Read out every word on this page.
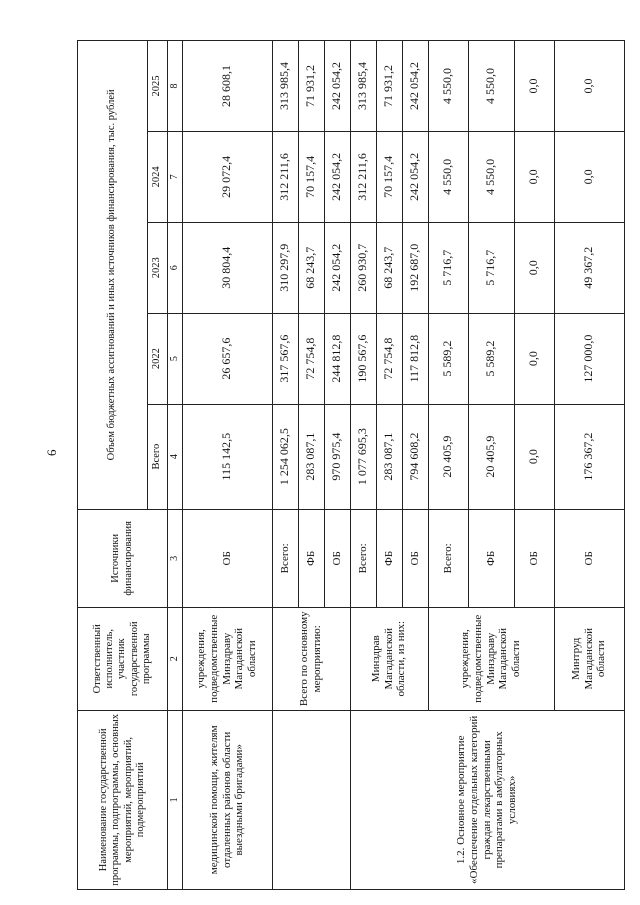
6
Наименование государственной программы, подпрограммы, основных мероприятий, мероприятий, подмероприятий	Ответственный исполнитель, участник государственной программы	Источники финансирования	Объем бюджетных ассигнований и иных источников финансирования, тыс. рублей				
			Всего	2022	2023	2024	2025
1	2	3	4	5	6	7	8
медицинской помощи, жителям отдаленных районов области выездными бригадами»	учреждения, подведомственные Минздраву Магаданской области	ОБ	115 142,5	26 657,6	30 804,4	29 072,4	28 608,1
	Всего по основному мероприятию:	Всего:	1 254 062,5	317 567,6	310 297,9	312 211,6	313 985,4
		ФБ	283 087,1	72 754,8	68 243,7	70 157,4	71 931,2
		ОБ	970 975,4	244 812,8	242 054,2	242 054,2	242 054,2
1.2. Основное мероприятие «Обеспечение отдельных категорий граждан лекарственными препаратами в амбулаторных условиях»	Минздрав Магаданской области, из них:	Всего:	1 077 695,3	190 567,6	260 930,7	312 211,6	313 985,4
		ФБ	283 087,1	72 754,8	68 243,7	70 157,4	71 931,2
		ОБ	794 608,2	117 812,8	192 687,0	242 054,2	242 054,2
	учреждения, подведомственные Минздраву Магаданской области	Всего:	20 405,9	5 589,2	5 716,7	4 550,0	4 550,0
		ФБ	20 405,9	5 589,2	5 716,7	4 550,0	4 550,0
		ОБ	0,0	0,0	0,0	0,0	0,0
	Минтруд Магаданской области	ОБ	176 367,2	127 000,0	49 367,2	0,0	0,0
